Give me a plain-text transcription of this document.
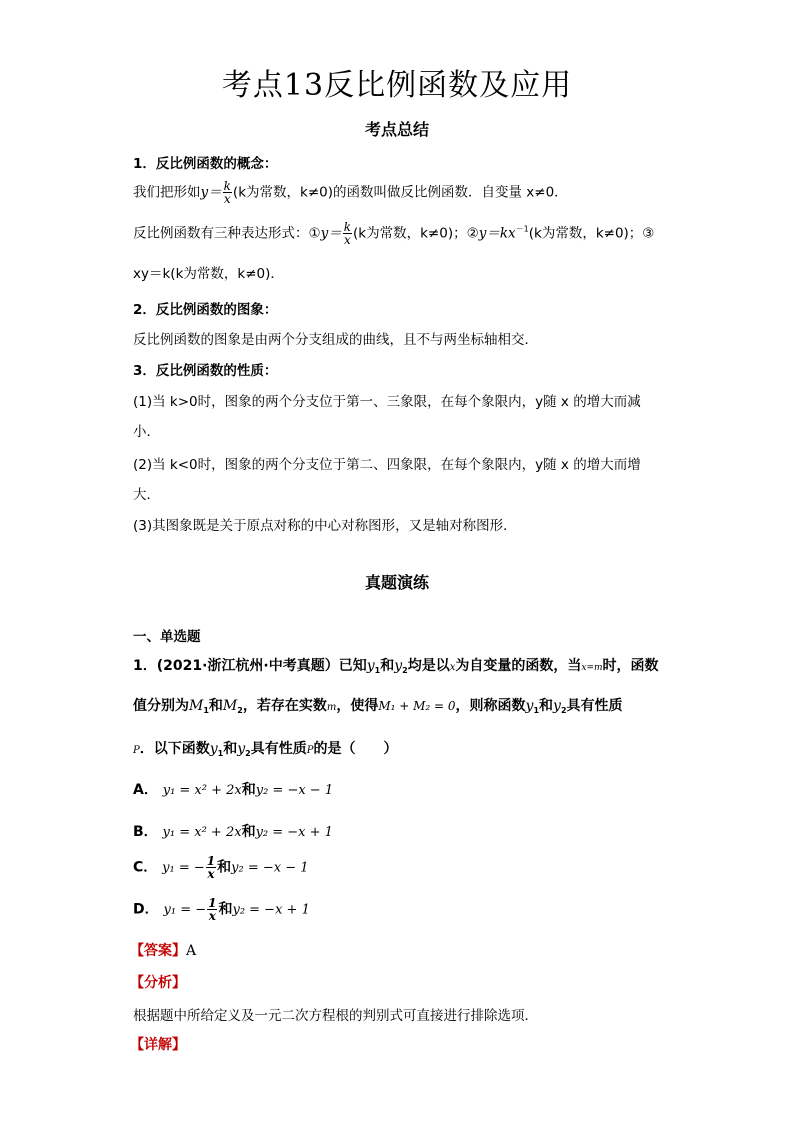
考点13反比例函数及应用
考点总结
1．反比例函数的概念：
我们把形如$y= \frac{k}{x} (k$为常数，k≠0)的函数叫做反比例函数．自变量 x≠0．
反比例函数有三种表达形式：①y＝ $\frac{k}{x} (k$为常数，k≠0)；$②y=kx^{-1}(k$为常数，k≠0)；③
xy＝k(k为常数，k≠0)．
2．反比例函数的图象：
反比例函数的图象是由两个分支组成的曲线，且不与两坐标轴相交．
3．反比例函数的性质：
(1)当 k>0时，图象的两个分支位于第一、三象限，在每个象限内，y随 x 的增大而减
小．
(2)当 k<0时，图象的两个分支位于第二、四象限，在每个象限内，y随 x 的增大而增
大．
(3)其图象既是关于原点对称的中心对称图形，又是轴对称图形．
真题演练
一、单选题
1．(2021·浙江杭州·中考真题）已知$y_1$和$y_2$均是以x为自变量的函数，当x=m时，函数
值分别为$M_1$和$M_2$，若存在实数m，使得M₁ + M₂ = 0，则称函数$y_1$和$y_2$具有性质
P．以下函数$y_1$和$y_2$具有性质P的是（　　）
A． y₁ = x² + 2x和y₂ = −x − 1
B． y₁ = x² + 2x和y₂ = −x + 1
C． y₁ = − $\frac{1}{x}$ 和y₂ = −x − 1
D． y₁ = − $\frac{1}{x}$ 和y₂ = −x + 1
【答案】A
【分析】
根据题中所给定义及一元二次方程根的判别式可直接进行排除选项．
【详解】
